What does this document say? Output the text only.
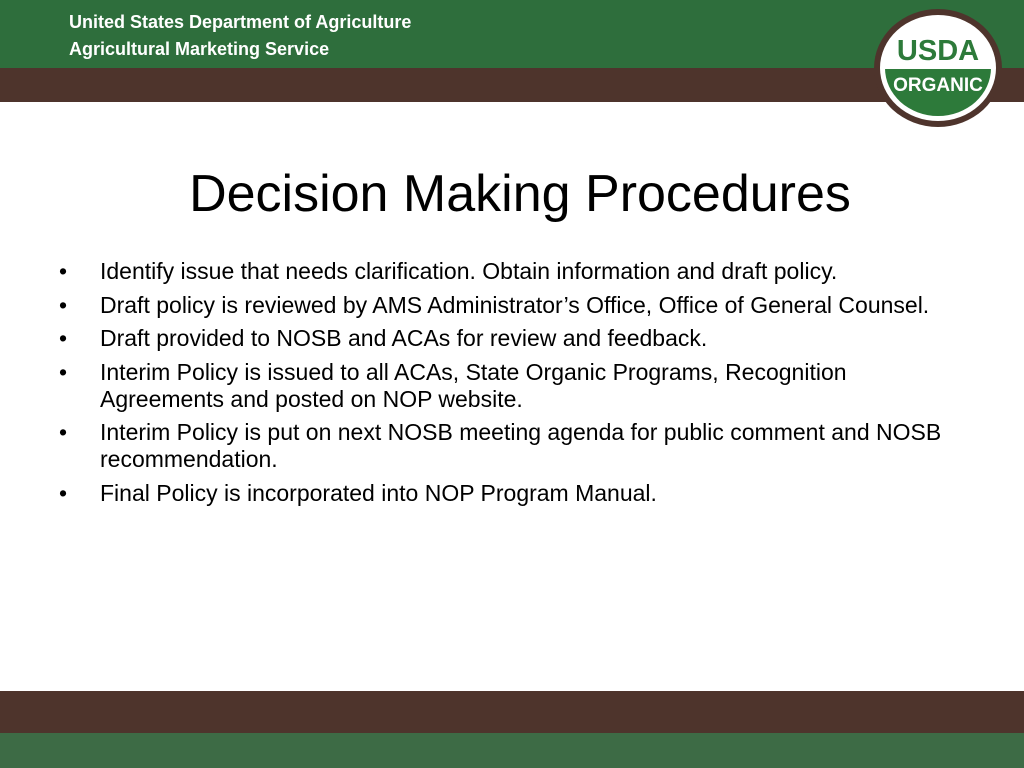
United States Department of Agriculture
Agricultural Marketing Service	USDA
ORGANIC
Decision Making Procedures
• Identify issue that needs clarification. Obtain information and draft policy.
• Draft policy is reviewed by AMS Administrator’s Office, Office of General Counsel.
• Draft provided to NOSB and ACAs for review and feedback.
• Interim Policy is issued to all ACAs, State Organic Programs, Recognition Agreements and posted on NOP website.
• Interim Policy is put on next NOSB meeting agenda for public comment and NOSB recommendation.
• Final Policy is incorporated into NOP Program Manual.
